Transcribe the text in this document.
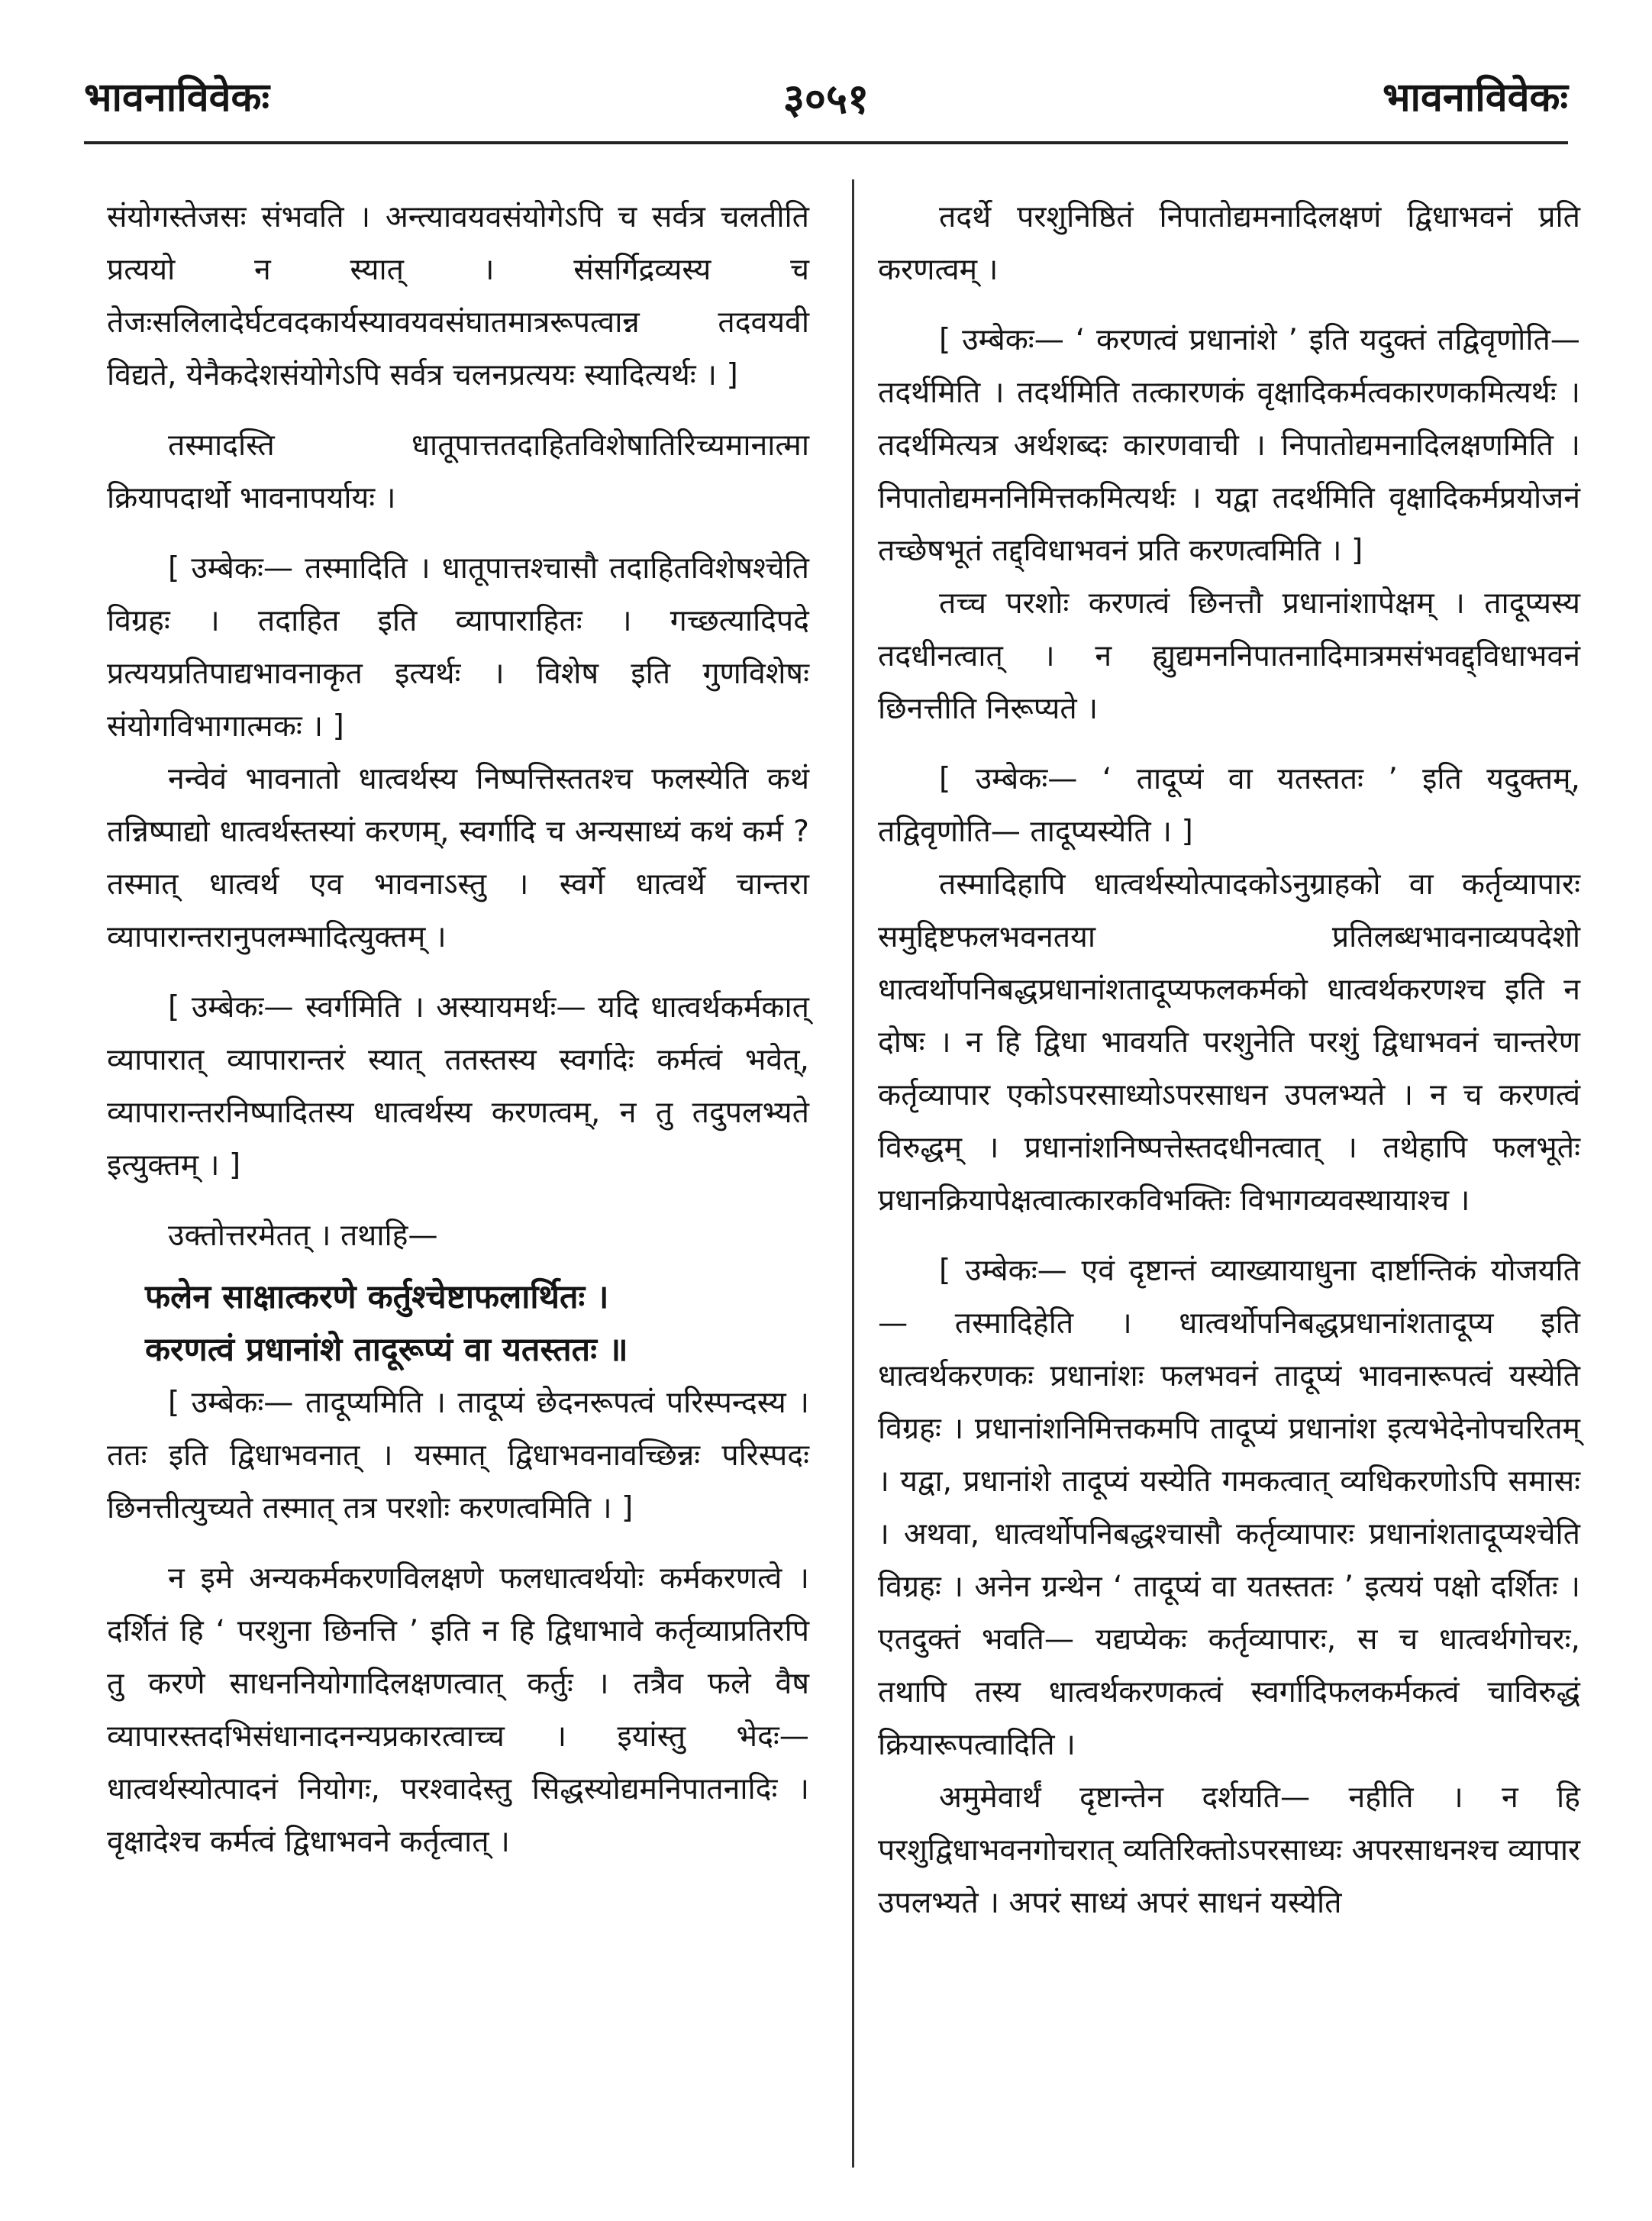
भावनाविवेकः	३०५१	भावनाविवेकः

संयोगस्तेजसः संभवति । अन्त्यावयवसंयोगेऽपि च सर्वत्र चलतीति प्रत्ययो न स्यात् । संसर्गिद्रव्यस्य च तेजःसलिलादेर्घटवदकार्यस्यावयवसंघातमात्ररूपत्वान्न तदवयवी विद्यते, येनैकदेशसंयोगेऽपि सर्वत्र चलनप्रत्ययः स्यादित्यर्थः । ]

तस्मादस्ति धातूपात्ततदाहितविशेषातिरिच्यमानात्मा क्रियापदार्थो भावनापर्यायः ।

[ उम्बेकः— तस्मादिति । धातूपात्तश्चासौ तदाहितविशेषश्चेति विग्रहः । तदाहित इति व्यापाराहितः । गच्छत्यादिपदे प्रत्ययप्रतिपाद्यभावनाकृत इत्यर्थः । विशेष इति गुणविशेषः संयोगविभागात्मकः । ]

नन्वेवं भावनातो धात्वर्थस्य निष्पत्तिस्ततश्च फलस्येति कथं तन्निष्पाद्यो धात्वर्थस्तस्यां करणम्, स्वर्गादि च अन्यसाध्यं कथं कर्म ? तस्मात् धात्वर्थ एव भावनाऽस्तु । स्वर्गे धात्वर्थे चान्तरा व्यापारान्तरानुपलम्भादित्युक्तम् ।

[ उम्बेकः— स्वर्गमिति । अस्यायमर्थः— यदि धात्वर्थकर्मकात् व्यापारात् व्यापारान्तरं स्यात् ततस्तस्य स्वर्गादेः कर्मत्वं भवेत्, व्यापारान्तरनिष्पादितस्य धात्वर्थस्य करणत्वम्, न तु तदुपलभ्यते इत्युक्तम् । ]

उक्तोत्तरमेतत् । तथाहि—

फलेन साक्षात्करणे कर्तुश्चेष्टाफलार्थितः ।

करणत्वं प्रधानांशे तादूरूप्यं वा यतस्ततः ॥

[ उम्बेकः— तादूप्यमिति । तादूप्यं छेदनरूपत्वं परिस्पन्दस्य । ततः इति द्विधाभवनात् । यस्मात् द्विधाभवनावच्छिन्नः परिस्पदः छिनत्तीत्युच्यते तस्मात् तत्र परशोः करणत्वमिति । ]

न इमे अन्यकर्मकरणविलक्षणे फलधात्वर्थयोः कर्मकरणत्वे । दर्शितं हि ‘ परशुना छिनत्ति ’ इति न हि द्विधाभावे कर्तृव्याप्रतिरपि तु करणे साधननियोगादिलक्षणत्वात् कर्तुः । तत्रैव फले वैष व्यापारस्तदभिसंधानादनन्यप्रकारत्वाच्च । इयांस्तु भेदः— धात्वर्थस्योत्पादनं नियोगः, परश्वादेस्तु सिद्धस्योद्यमनिपातनादिः । वृक्षादेश्च कर्मत्वं द्विधाभवने कर्तृत्वात् ।

तदर्थे परशुनिष्ठितं निपातोद्यमनादिलक्षणं द्विधाभवनं प्रति करणत्वम् ।

[ उम्बेकः— ‘ करणत्वं प्रधानांशे ’ इति यदुक्तं तद्विवृणोति— तदर्थमिति । तदर्थमिति तत्कारणकं वृक्षादिकर्मत्वकारणकमित्यर्थः । तदर्थमित्यत्र अर्थशब्दः कारणवाची । निपातोद्यमनादिलक्षणमिति । निपातोद्यमननिमित्तकमित्यर्थः । यद्वा तदर्थमिति वृक्षादिकर्मप्रयोजनं तच्छेषभूतं तद्द्विधाभवनं प्रति करणत्वमिति । ]

तच्च परशोः करणत्वं छिनत्तौ प्रधानांशापेक्षम् । तादूप्यस्य तदधीनत्वात् । न ह्युद्यमननिपातनादिमात्रमसंभवद्द्विधाभवनं छिनत्तीति निरूप्यते ।

[ उम्बेकः— ‘ तादूप्यं वा यतस्ततः ’ इति यदुक्तम्, तद्विवृणोति— तादूप्यस्येति । ]

तस्मादिहापि धात्वर्थस्योत्पादकोऽनुग्राहको वा कर्तृव्यापारः समुद्दिष्टफलभवनतया प्रतिलब्धभावनाव्यपदेशो धात्वर्थोपनिबद्धप्रधानांशतादूप्यफलकर्मको धात्वर्थकरणश्च इति न दोषः । न हि द्विधा भावयति परशुनेति परशुं द्विधाभवनं चान्तरेण कर्तृव्यापार एकोऽपरसाध्योऽपरसाधन उपलभ्यते । न च करणत्वं विरुद्धम् । प्रधानांशनिष्पत्तेस्तदधीनत्वात् । तथेहापि फलभूतेः प्रधानक्रियापेक्षत्वात्कारकविभक्तिः विभागव्यवस्थायाश्च ।

[ उम्बेकः— एवं दृष्टान्तं व्याख्यायाधुना दार्ष्टान्तिकं योजयति— तस्मादिहेति । धात्वर्थोपनिबद्धप्रधानांशतादूप्य इति धात्वर्थकरणकः प्रधानांशः फलभवनं तादूप्यं भावनारूपत्वं यस्येति विग्रहः । प्रधानांशनिमित्तकमपि तादूप्यं प्रधानांश इत्यभेदेनोपचरितम् । यद्वा, प्रधानांशे तादूप्यं यस्येति गमकत्वात् व्यधिकरणोऽपि समासः । अथवा, धात्वर्थोपनिबद्धश्चासौ कर्तृव्यापारः प्रधानांशतादूप्यश्चेति विग्रहः । अनेन ग्रन्थेन ‘ तादूप्यं वा यतस्ततः ’ इत्ययं पक्षो दर्शितः । एतदुक्तं भवति— यद्यप्येकः कर्तृव्यापारः, स च धात्वर्थगोचरः, तथापि तस्य धात्वर्थकरणकत्वं स्वर्गादिफलकर्मकत्वं चाविरुद्धं क्रियारूपत्वादिति ।

अमुमेवार्थं दृष्टान्तेन दर्शयति— नहीति । न हि परशुद्विधाभवनगोचरात् व्यतिरिक्तोऽपरसाध्यः अपरसाधनश्च व्यापार उपलभ्यते । अपरं साध्यं अपरं साधनं यस्येति
